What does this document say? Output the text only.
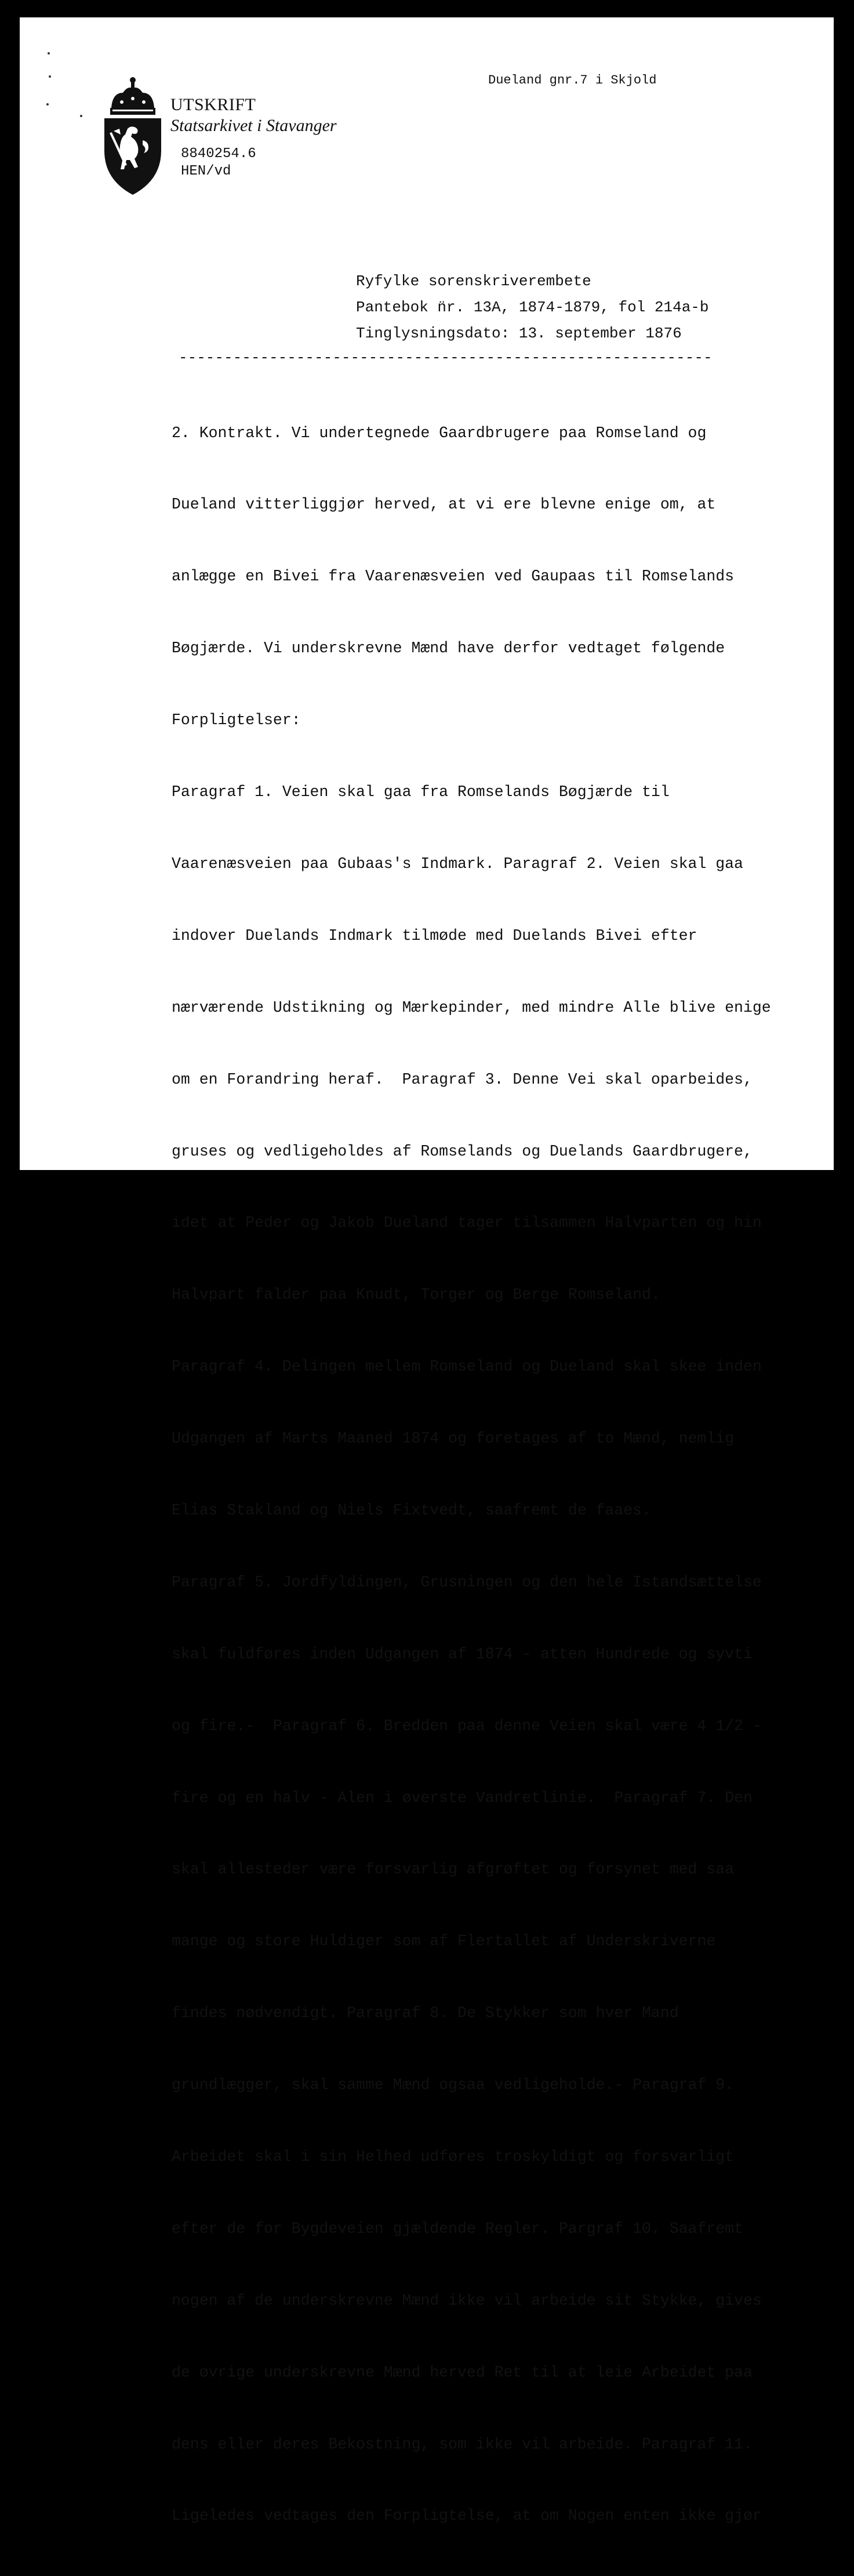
Dueland gnr.7 i Skjold
UTSKRIFT
Statsarkivet i Stavanger
8840254.6
HEN/vd
Ryfylke sorenskriverembete
Pantebok n̈r. 13A, 1874-1879, fol 214a-b
Tinglysningsdato: 13. september 1876
-----------------------------------------------------------

2. Kontrakt. Vi undertegnede Gaardbrugere paa Romseland og

Dueland vitterliggjør herved, at vi ere blevne enige om, at

anlægge en Bivei fra Vaarenæsveien ved Gaupaas til Romselands

Bøgjærde. Vi underskrevne Mænd have derfor vedtaget følgende

Forpligtelser:

Paragraf 1. Veien skal gaa fra Romselands Bøgjærde til

Vaarenæsveien paa Gubaas's Indmark. Paragraf 2. Veien skal gaa

indover Duelands Indmark tilmøde med Duelands Bivei efter

nærværende Udstikning og Mærkepinder, med mindre Alle blive enige

om en Forandring heraf.  Paragraf 3. Denne Vei skal oparbeides,

gruses og vedligeholdes af Romselands og Duelands Gaardbrugere,

idet at Peder og Jakob Dueland tager tilsammen Halvparten og hin

Halvpart falder paa Knudt, Torger og Berge Romseland.

Paragraf 4. Delingen mellem Romseland og Dueland skal skee inden

Udgangen af Marts Maaned 1874 og foretages af to Mænd, nemlig

Elias Stakland og Niels Fixtvedt, saafremt de faaes.

Paragraf 5. Jordfyldingen, Grusningen og den hele Istandsættelse

skal fuldføres inden Udgangen af 1874 - atten Hundrede og syvti

og fire.-  Paragraf 6. Bredden paa denne Veien skal være 4 1/2 -

fire og en halv - Alen i øverste Vandretlinie.  Paragraf 7. Den

skal allesteder være forsvarlig afgrøftet og forsynet med saa

mange og store Huldiger som af Flertallet af Underskriverne

findes nødvendigt. Paragraf 8. De Stykker som hver Mand

grundlægger, skal samme Mænd ogsaa vedligeholde.- Paragraf 9.

Arbeidet skal i sin Helhed udføres troskyldigt og forsvarligt

efter de for Bygdeveien gjældende Regler. Pargraf 10. Saafremt

nogen af de underskrevne Mænd ikke vil arbeide sit Stykke, gives

de øvrige underskrevne Mænd herved Ret til at leie Arbeidet paa

dens eller deres Bekostning, som ikke vil arbeide. Paragraf 11.

Ligeledes vedtages den Forpligtelse, at om Nogen enten ikke gjør
